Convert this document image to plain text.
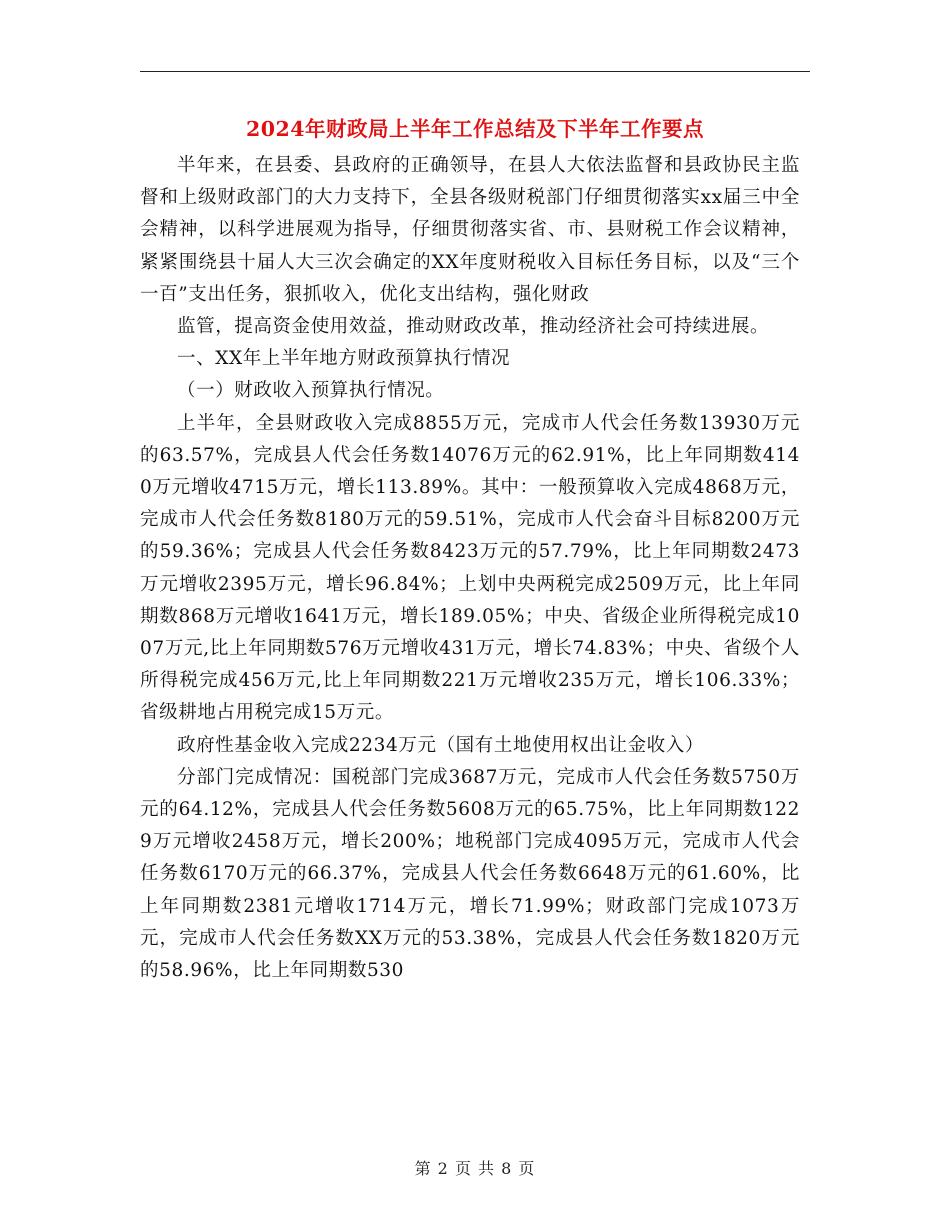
2024年财政局上半年工作总结及下半年工作要点

半年来，在县委、县政府的正确领导，在县人大依法监督和县政协民主监督和上级财政部门的大力支持下，全县各级财税部门仔细贯彻落实xx届三中全会精神，以科学进展观为指导，仔细贯彻落实省、市、县财税工作会议精神，紧紧围绕县十届人大三次会确定的XX年度财税收入目标任务目标，以及“三个一百”支出任务，狠抓收入，优化支出结构，强化财政

监管，提高资金使用效益，推动财政改革，推动经济社会可持续进展。

一、XX年上半年地方财政预算执行情况

（一）财政收入预算执行情况。

上半年，全县财政收入完成8855万元，完成市人代会任务数13930万元的63.57%，完成县人代会任务数14076万元的62.91%，比上年同期数4140万元增收4715万元，增长113.89%。其中：一般预算收入完成4868万元，完成市人代会任务数8180万元的59.51%，完成市人代会奋斗目标8200万元的59.36%；完成县人代会任务数8423万元的57.79%，比上年同期数2473万元增收2395万元，增长96.84%；上划中央两税完成2509万元，比上年同期数868万元增收1641万元，增长189.05%；中央、省级企业所得税完成1007万元,比上年同期数576万元增收431万元，增长74.83%；中央、省级个人所得税完成456万元,比上年同期数221万元增收235万元，增长106.33%；省级耕地占用税完成15万元。

政府性基金收入完成2234万元（国有土地使用权出让金收入）

分部门完成情况：国税部门完成3687万元，完成市人代会任务数5750万元的64.12%，完成县人代会任务数5608万元的65.75%，比上年同期数1229万元增收2458万元，增长200%；地税部门完成4095万元，完成市人代会任务数6170万元的66.37%，完成县人代会任务数6648万元的61.60%，比上年同期数2381元增收1714万元，增长71.99%；财政部门完成1073万元，完成市人代会任务数XX万元的53.38%，完成县人代会任务数1820万元的58.96%，比上年同期数530

第 2 页 共 8 页
